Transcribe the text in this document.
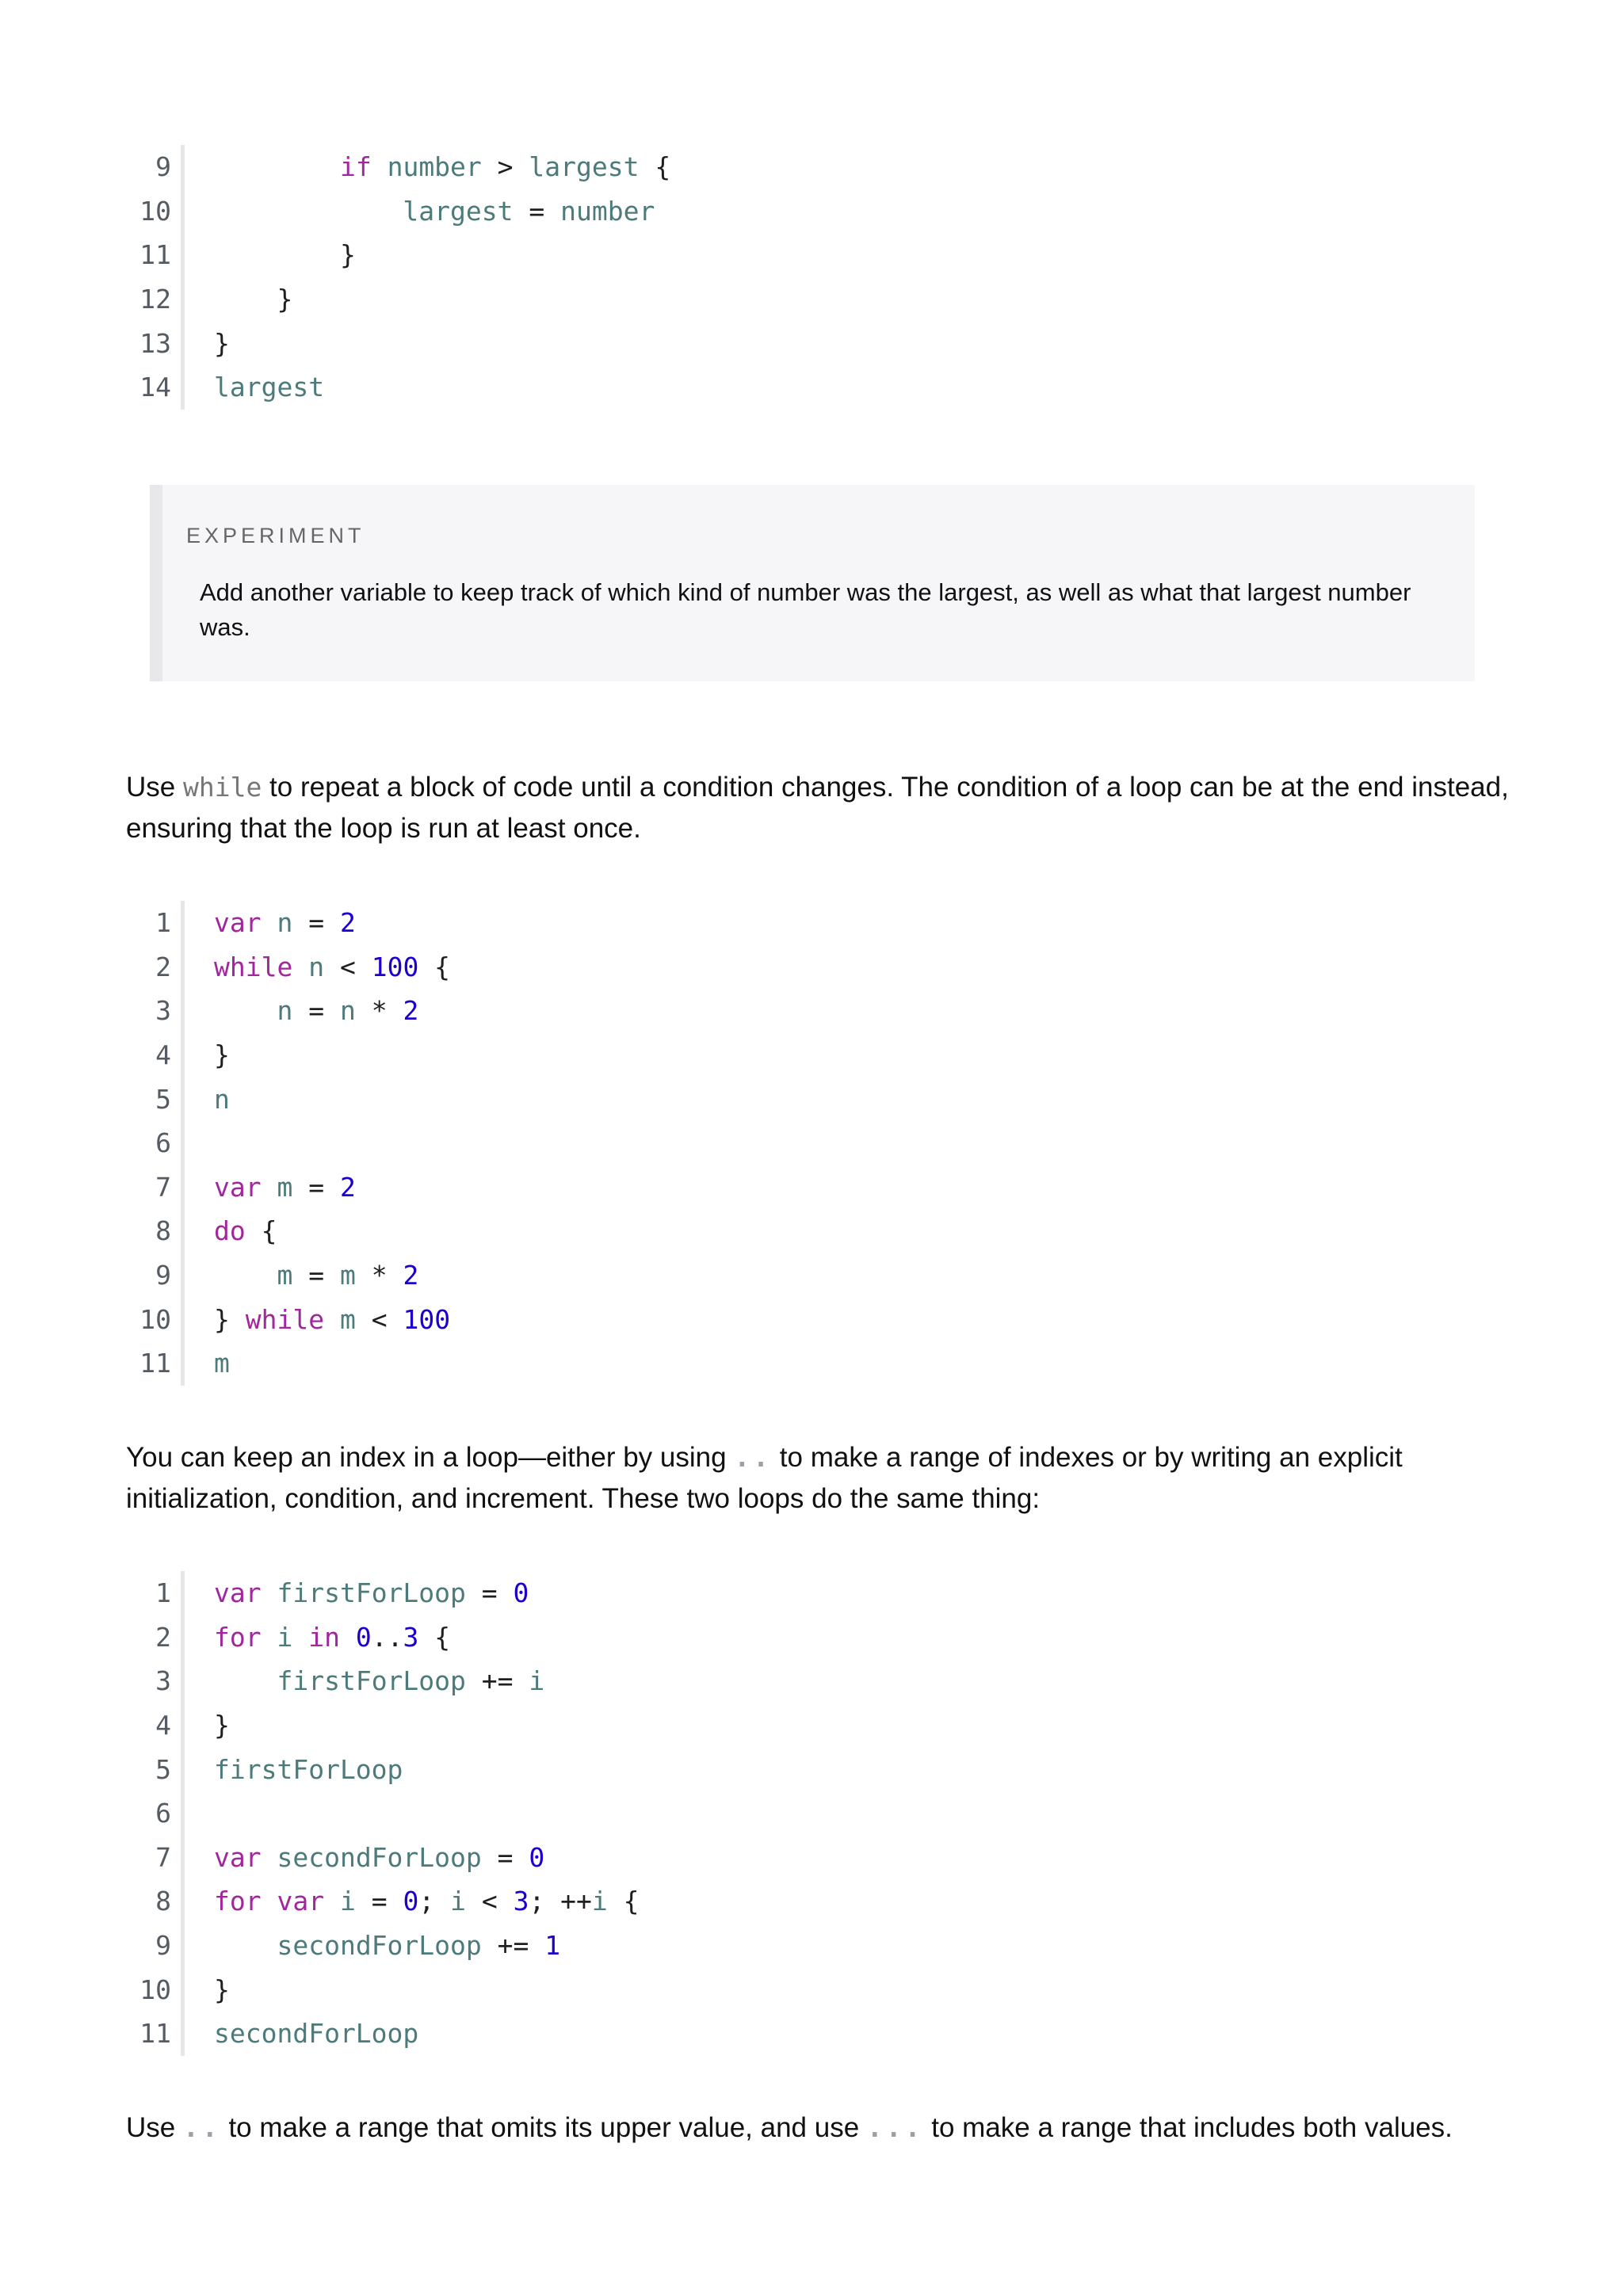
9	if number > largest {
10	largest = number
11	}
12	}
13 }
14 largest
EXPERIMENT
Add another variable to keep track of which kind of number was the largest, as well as what that largest number was.
Use while to repeat a block of code until a condition changes. The condition of a loop can be at the end instead, ensuring that the loop is run at least once.
1 var n = 2
2 while n < 100 {
3	n = n * 2
4 }
5 n
6
7 var m = 2
8 do {
9	m = m * 2
10 } while m < 100
11 m
You can keep an index in a loop—either by using .. to make a range of indexes or by writing an explicit initialization, condition, and increment. These two loops do the same thing:
1 var firstForLoop = 0
2 for i in 0..3 {
3	firstForLoop += i
4 }
5 firstForLoop
6
7 var secondForLoop = 0
8 for var i = 0; i < 3; ++i {
9	secondForLoop += 1
10 }
11 secondForLoop
Use .. to make a range that omits its upper value, and use ... to make a range that includes both values.
